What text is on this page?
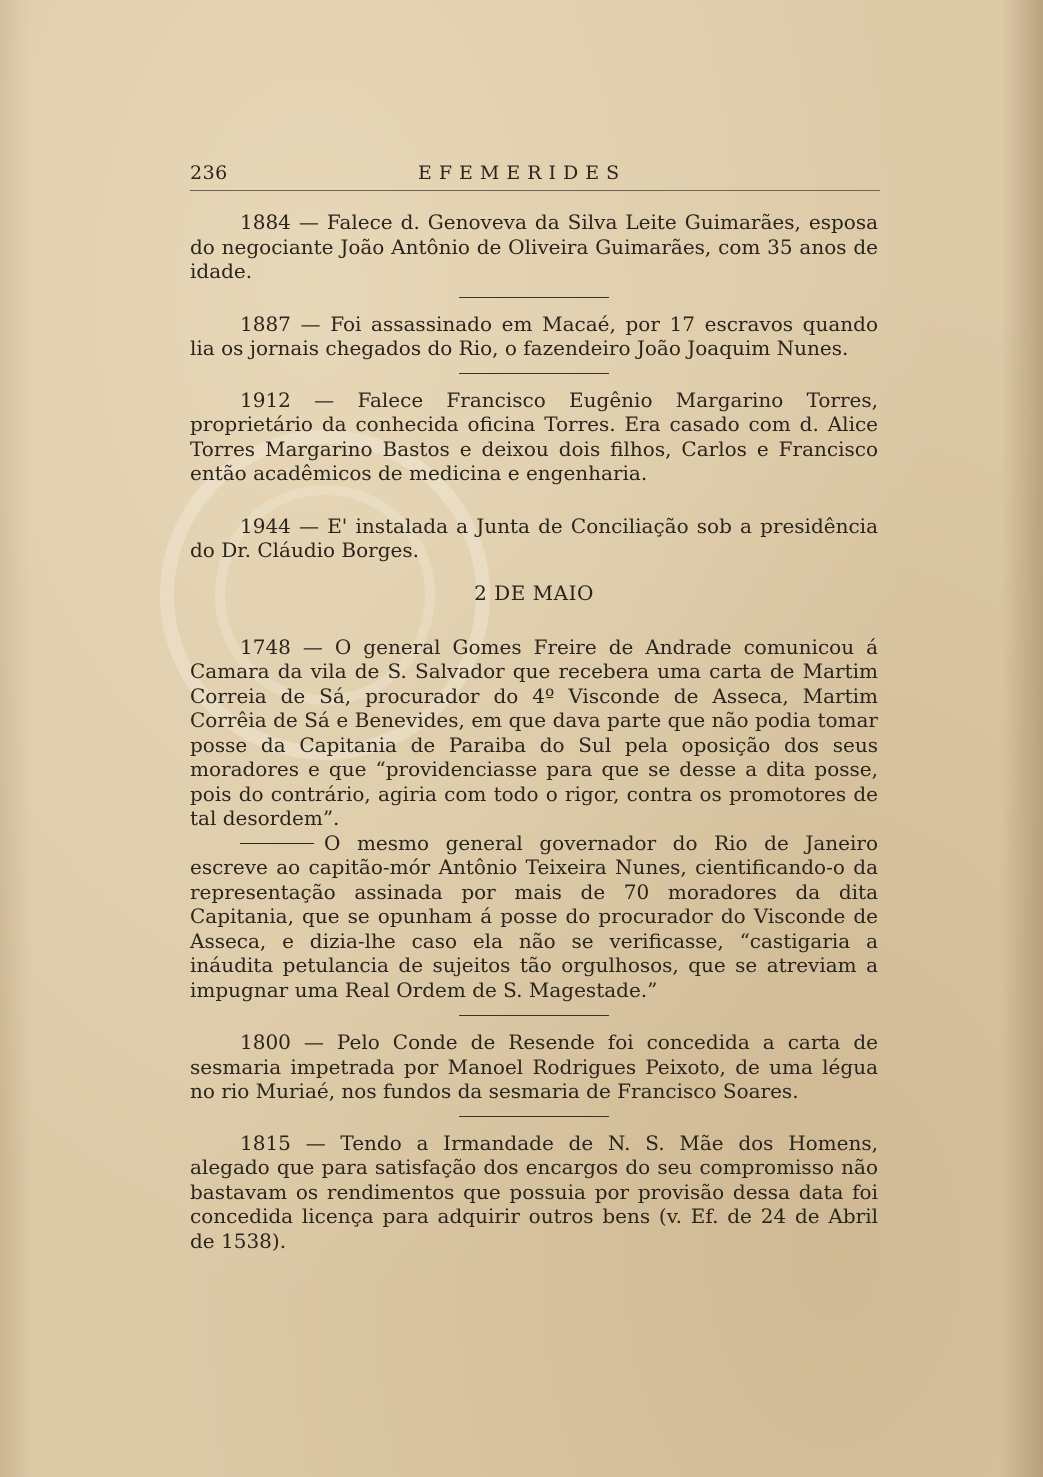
236	EFEMERIDES

1884 — Falece d. Genoveva da Silva Leite Guimarães, esposa do negociante João Antônio de Oliveira Guimarães, com 35 anos de idade.

1887 — Foi assassinado em Macaé, por 17 escravos quando lia os jornais chegados do Rio, o fazendeiro João Joaquim Nunes.

1912 — Falece Francisco Eugênio Margarino Torres, proprietário da conhecida oficina Torres. Era casado com d. Alice Torres Margarino Bastos e deixou dois filhos, Carlos e Francisco então acadêmicos de medicina e engenharia.

1944 — E' instalada a Junta de Conciliação sob a presidência do Dr. Cláudio Borges.

2 DE MAIO

1748 — O general Gomes Freire de Andrade comunicou á Camara da vila de S. Salvador que recebera uma carta de Martim Correia de Sá, procurador do 4º Visconde de Asseca, Martim Corrêia de Sá e Benevides, em que dava parte que não podia tomar posse da Capitania de Paraiba do Sul pela oposição dos seus moradores e que “providenciasse para que se desse a dita posse, pois do contrário, agiria com todo o rigor, contra os promotores de tal desordem”.

O mesmo general governador do Rio de Janeiro escreve ao capitão-mór Antônio Teixeira Nunes, cientificando-o da representação assinada por mais de 70 moradores da dita Capitania, que se opunham á posse do procurador do Visconde de Asseca, e dizia-lhe caso ela não se verificasse, “castigaria a ináudita petulancia de sujeitos tão orgulhosos, que se atreviam a impugnar uma Real Ordem de S. Magestade.”

1800 — Pelo Conde de Resende foi concedida a carta de sesmaria impetrada por Manoel Rodrigues Peixoto, de uma légua no rio Muriaé, nos fundos da sesmaria de Francisco Soares.

1815 — Tendo a Irmandade de N. S. Mãe dos Homens, alegado que para satisfação dos encargos do seu compromisso não bastavam os rendimentos que possuia por provisão dessa data foi concedida licença para adquirir outros bens (v. Ef. de 24 de Abril de 1538).
